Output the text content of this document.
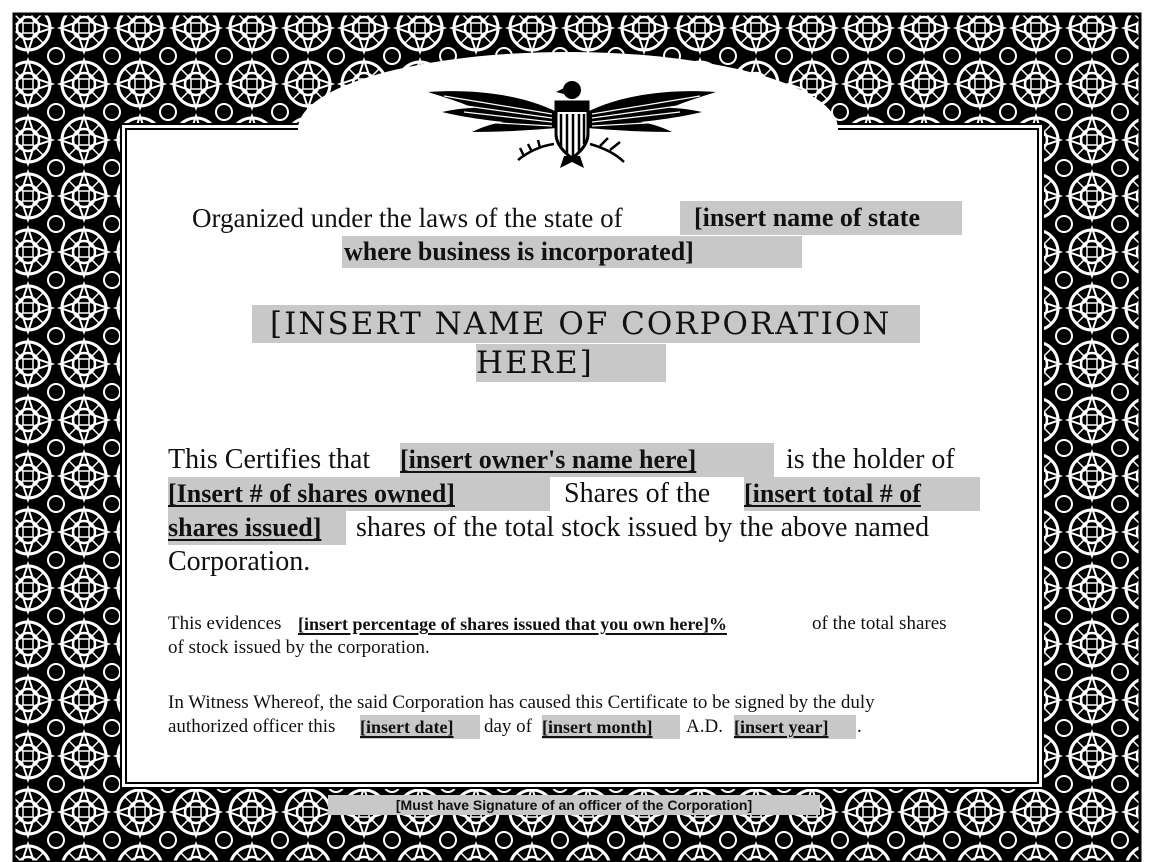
Organized under the laws of the state of	[insert name of state
where business is incorporated]
[INSERT NAME OF CORPORATION
HERE]
This Certifies that [insert owner's name here]	is the holder of
[Insert # of shares owned]	Shares of the [insert total # of
shares issued]	shares of the total stock issued by the above named
Corporation.
This evidences [insert percentage of shares issued that you own here]%	of the total shares
of stock issued by the corporation.
In Witness Whereof, the said Corporation has caused this Certificate to be signed by the duly
authorized officer this [insert date]	day of [insert month]	A.D. [insert year]	.
[Must have Signature of an officer of the Corporation]
